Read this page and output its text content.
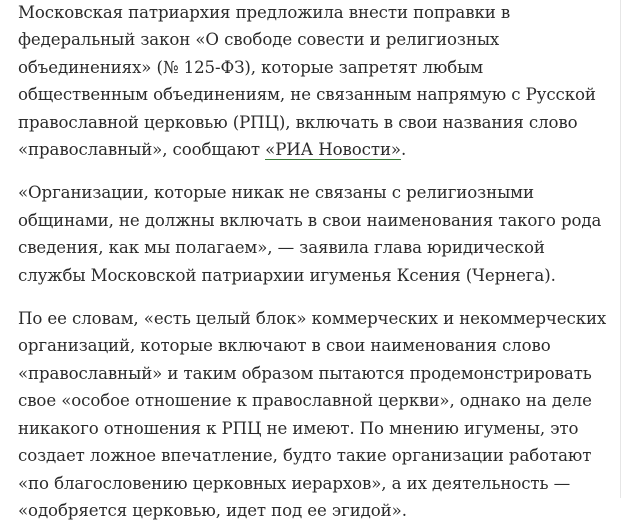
Московская патриархия предложила внести поправки в
федеральный закон «О свободе совести и религиозных
объединениях» (№ 125-ФЗ), которые запретят любым
общественным объединениям, не связанным напрямую с Русской
православной церковью (РПЦ), включать в свои названия слово
«православный», сообщают «РИА Новости».

«Организации, которые никак не связаны с религиозными
общинами, не должны включать в свои наименования такого рода
сведения, как мы полагаем», — заявила глава юридической
службы Московской патриархии игуменья Ксения (Чернега).

По ее словам, «есть целый блок» коммерческих и некоммерческих
организаций, которые включают в свои наименования слово
«православный» и таким образом пытаются продемонстрировать
свое «особое отношение к православной церкви», однако на деле
никакого отношения к РПЦ не имеют. По мнению игумены, это
создает ложное впечатление, будто такие организации работают
«по благословению церковных иерархов», а их деятельность —
«одобряется церковью, идет под ее эгидой».
